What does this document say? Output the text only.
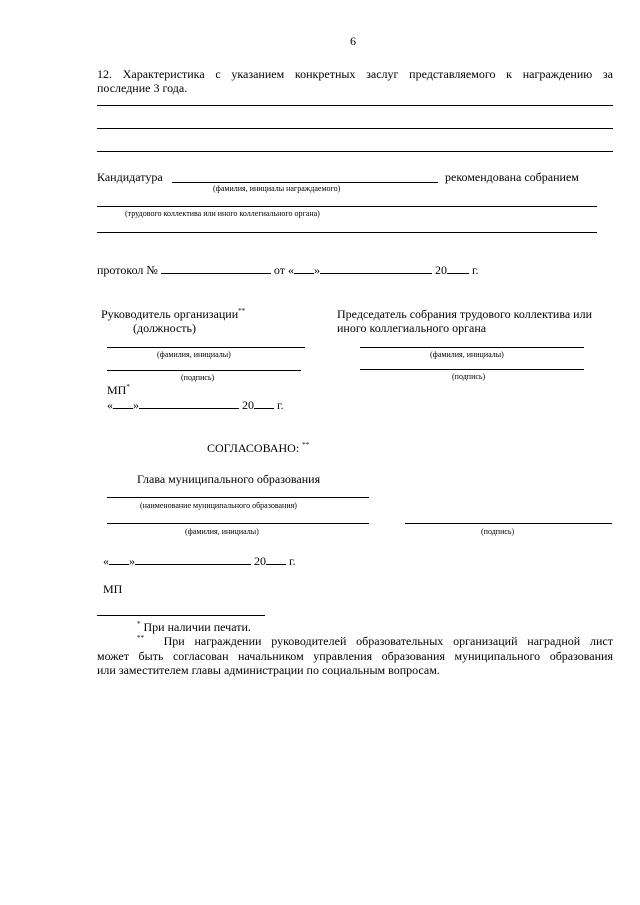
6
12. Характеристика с указанием конкретных заслуг представляемого к награждению за
последние 3 года.
Кандидатура	рекомендована собранием
(фамилия, инициалы награждаемого)
(трудового коллектива или иного коллегиального органа)
протокол №	от « »	20 г.
Руководитель организации**
(должность)
(фамилия, инициалы)
(подпись)
МП*
« »	20 г.
Председатель собрания трудового коллектива или
иного коллегиального органа
(фамилия, инициалы)
(подпись)
СОГЛАСОВАНО: **
Глава муниципального образования
(наименование муниципального образования)
(фамилия, инициалы)	(подпись)
« »	20 г.
МП
* При наличии печати.
** При награждении руководителей образовательных организаций наградной лист
может быть согласован начальником управления образования муниципального образования
или заместителем главы администрации по социальным вопросам.
